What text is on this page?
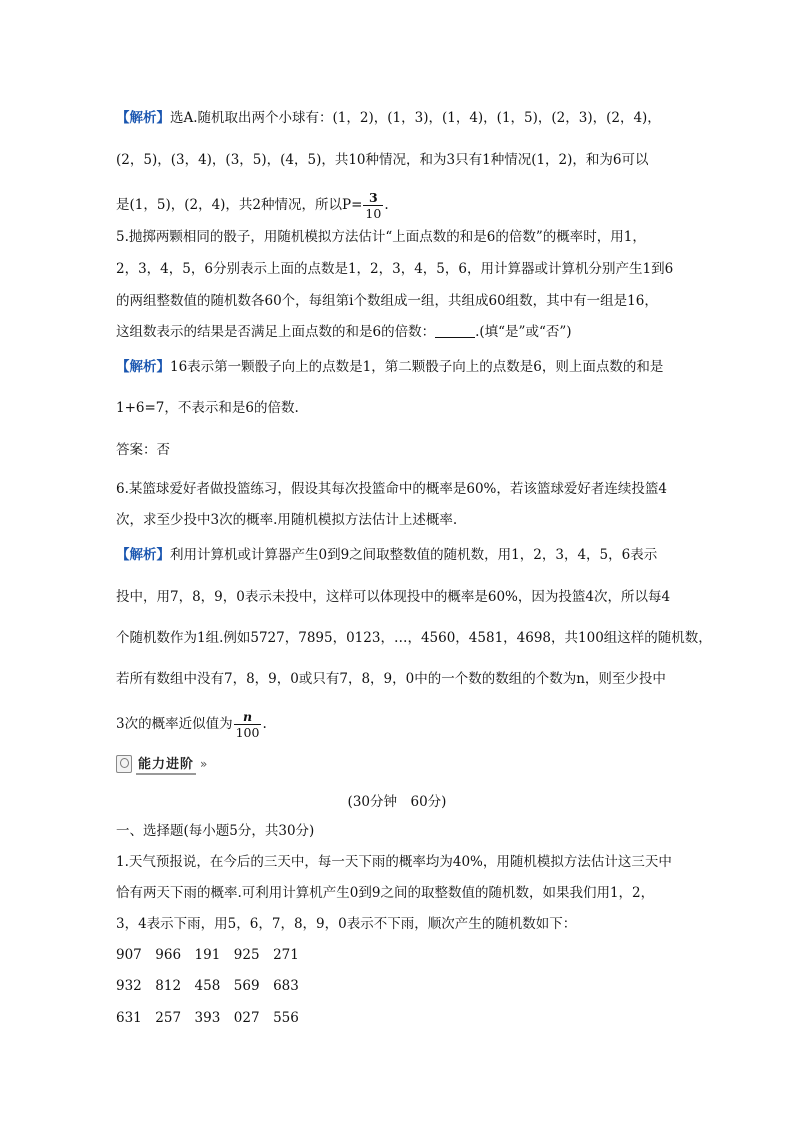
【解析】选A.随机取出两个小球有：(1，2)，(1，3)，(1，4)，(1，5)，(2，3)，(2，4)，
(2，5)，(3，4)，(3，5)，(4，5)，共10种情况，和为3只有1种情况(1，2)，和为6可以
是(1，5)，(2，4)，共2种情况，所以$P= \frac{3}{10}$ .
5.抛掷两颗相同的骰子，用随机模拟方法估计“上面点数的和是6的倍数”的概率时，用1，
2，3，4，5，6分别表示上面的点数是1，2，3，4，5，6，用计算器或计算机分别产生1到6
的两组整数值的随机数各60个，每组第i个数组成一组，共组成60组数，其中有一组是16，
这组数表示的结果是否满足上面点数的和是6的倍数：	.(填“是”或“否”)
【解析】16表示第一颗骰子向上的点数是1，第二颗骰子向上的点数是6，则上面点数的和是
1+6=7，不表示和是6的倍数.
答案：否
6.某篮球爱好者做投篮练习，假设其每次投篮命中的概率是60%，若该篮球爱好者连续投篮4
次，求至少投中3次的概率.用随机模拟方法估计上述概率.
【解析】利用计算机或计算器产生0到9之间取整数值的随机数，用1，2，3，4，5，6表示
投中，用7，8，9，0表示未投中，这样可以体现投中的概率是60%，因为投篮4次，所以每4
个随机数作为1组.例如5727，7895，0123，…，4560，4581，4698，共100组这样的随机数，
若所有数组中没有7，8，9，0或只有7，8，9，0中的一个数的数组的个数为n，则至少投中
3次的概率近似值为 $\frac{n}{100}$ .
能力进阶 »
(30分钟　60分)
一、选择题(每小题5分，共30分)
1.天气预报说，在今后的三天中，每一天下雨的概率均为40%，用随机模拟方法估计这三天中
恰有两天下雨的概率.可利用计算机产生0到9之间的取整数值的随机数，如果我们用1，2，
3，4表示下雨，用5，6，7，8，9，0表示不下雨，顺次产生的随机数如下：
907　966　191　925　271
932　812　458　569　683
631　257　393　027　556
